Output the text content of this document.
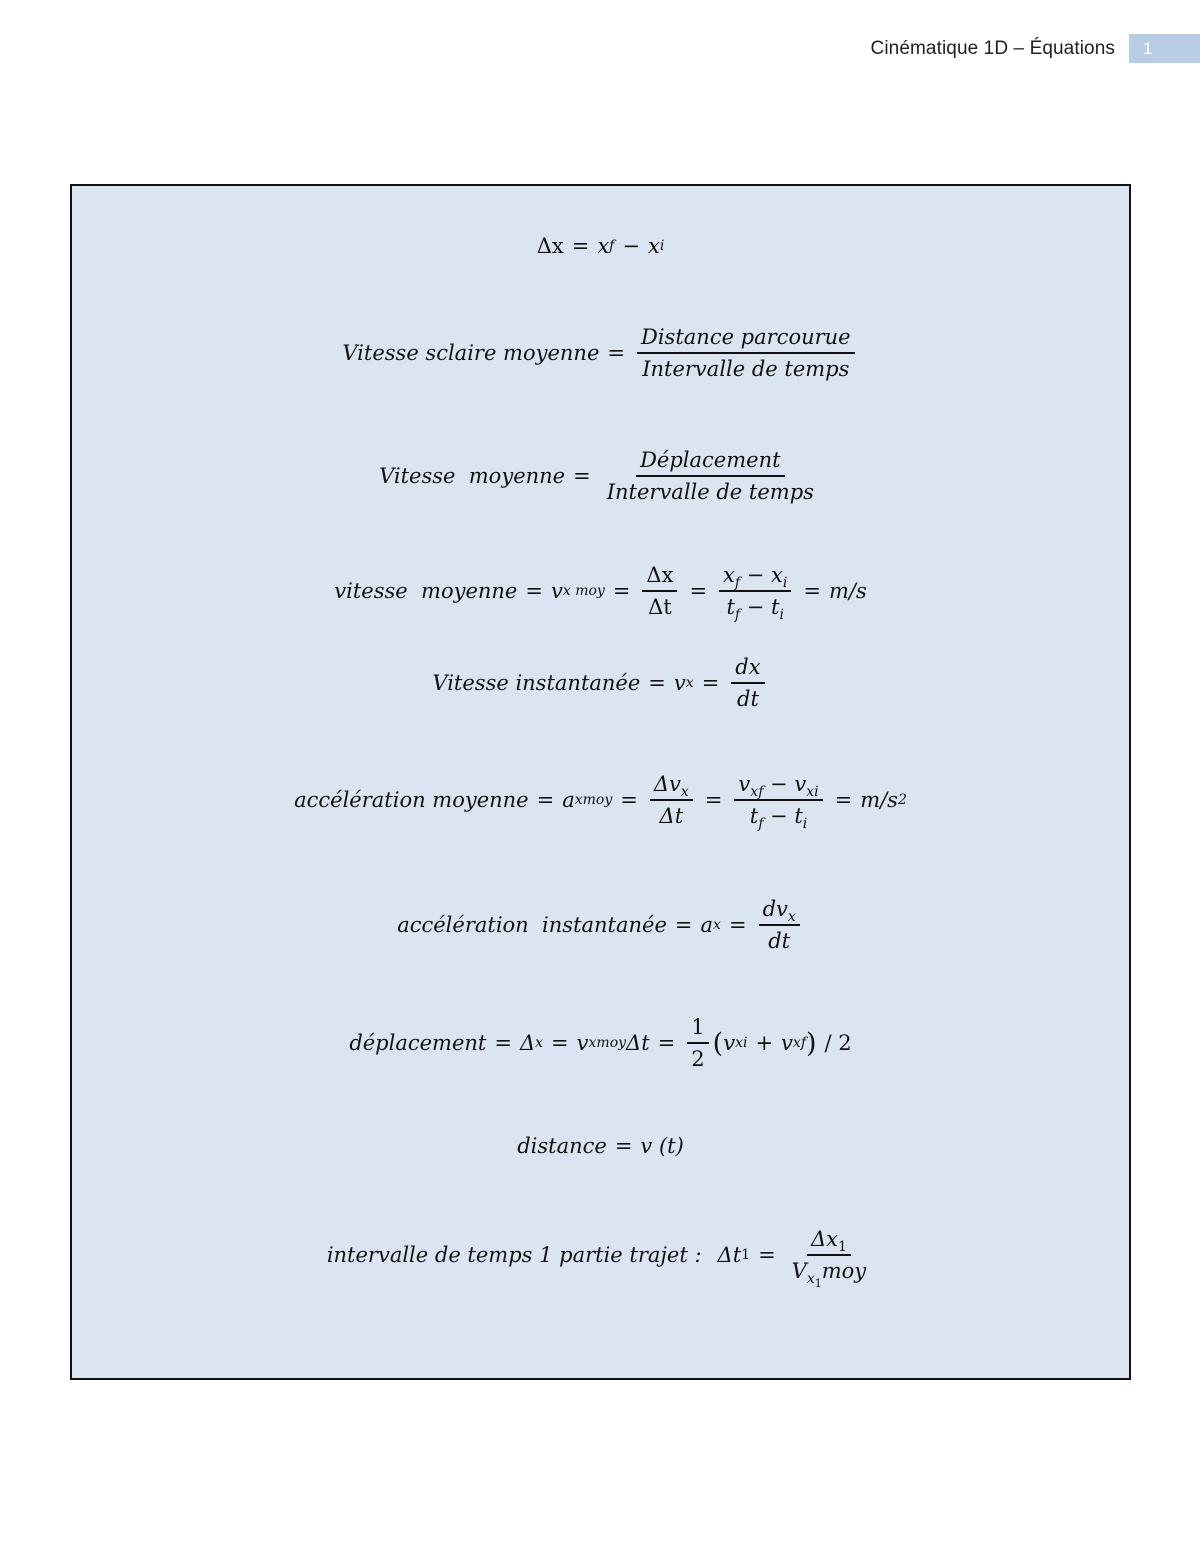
Cinématique 1D – Équations	1
Δx = x f − x i
Vitesse sclaire moyenne = $\frac{\text{Distance parcourue}}{\text{Intervalle de temps}}$
Vitesse  moyenne = $\frac{\text{Déplacement}}{\text{Intervalle de temps}}$
vitesse  moyenne = v x moy = $\frac{\Delta x}{\Delta t} = \frac{x_f - x_i}{t_f - t_i} = m/s$
Vitesse instantanée = v $x = \frac{dx}{dt}$
accélération moyenne = a xmoy = $\frac{\Delta v_x}{\Delta t} = \frac{v_{xf} - v_{xi}}{t_f - t_i} = m/s$ 2
accélération  instantanée = a $x = \frac{dv_x}{dt}$
déplacement = Δ x = v xmoy $\Delta t = \frac{1}{2}$ ( v xi + v xf ) / 2
distance = v (t)
intervalle de temps 1 partie trajet : Δt $1 = \frac{\Delta x_1}{V_{x_1}moy}$
